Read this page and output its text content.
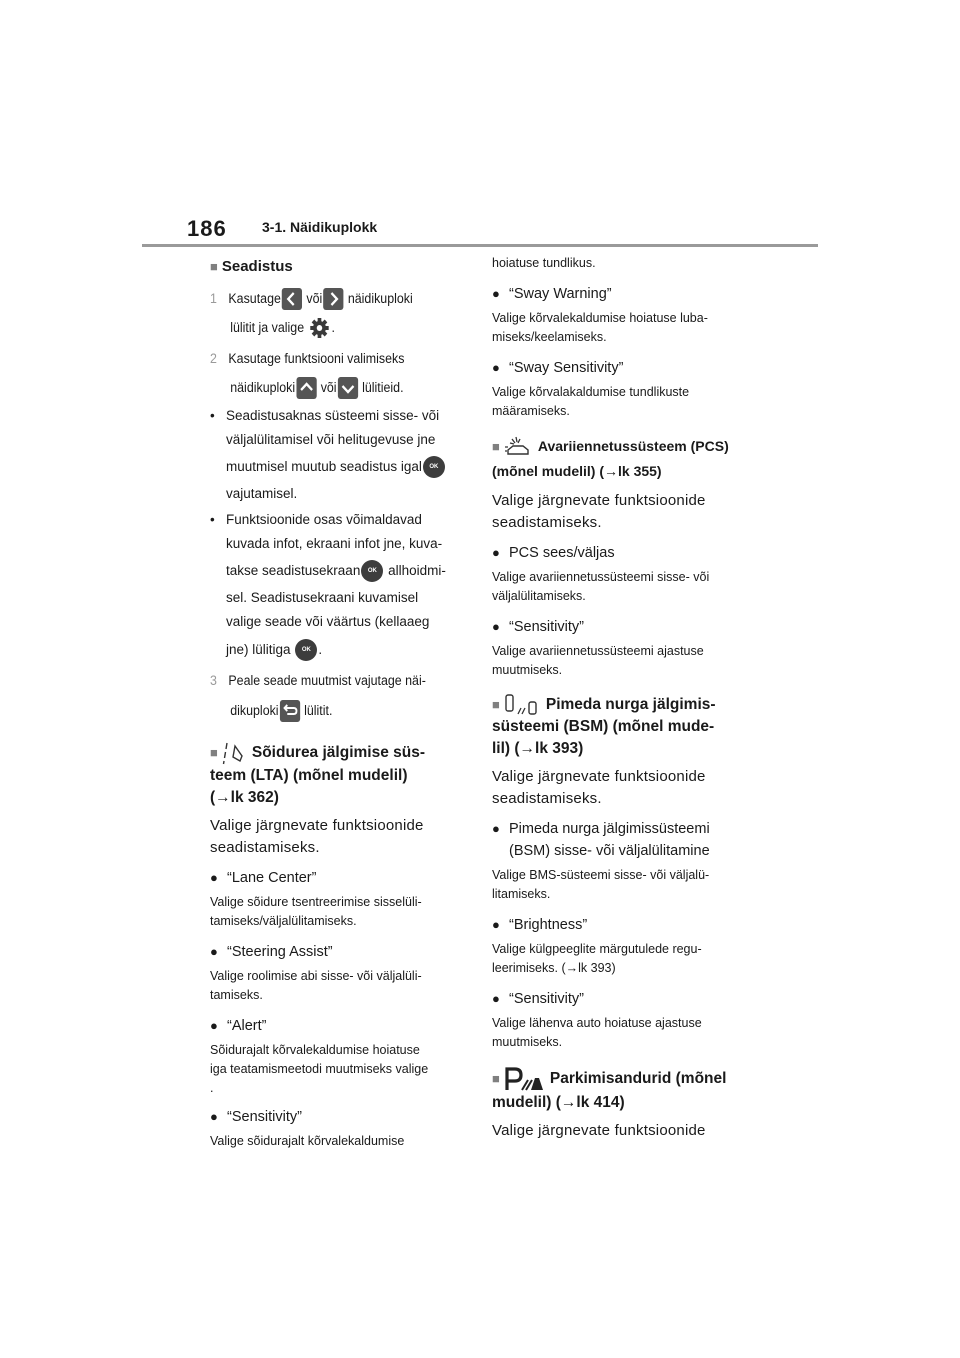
186	3-1. Näidikuplokk
■ Seadistus
1 Kasutage või näidikuploki
lülitit ja valige .
2 Kasutage funktsiooni valimiseks
näidikuploki või lülitieid.
• Seadistusaknas süsteemi sisse- või
väljalülitamisel või helitugevuse jne
muutmisel muutub seadistus igal OK
vajutamisel.
• Funktsioonide osas võimaldavad
kuvada infot, ekraani infot jne, kuva-
takse seadistusekraan OK allhoidmi-
sel. Seadistusekraani kuvamisel
valige seade või väärtus (kellaaeg
jne) lülitiga OK .
3 Peale seade muutmist vajutage näi-
dikuploki lülitit.
■ Sõidurea jälgimise süs-
teem (LTA) (mõnel mudelil)
(→lk 362)
Valige järgnevate funktsioonide
seadistamiseks.
● “Lane Center”
Valige sõidure tsentreerimise sisselüli-
tamiseks/väljalülitamiseks.
● “Steering Assist”
Valige roolimise abi sisse- või väljalüli-
tamiseks.
● “Alert”
Sõidurajalt kõrvalekaldumise hoiatuse
iga teatamismeetodi muutmiseks valige
.
● “Sensitivity”
Valige sõidurajalt kõrvalekaldumise
hoiatuse tundlikus.
● “Sway Warning”
Valige kõrvalekaldumise hoiatuse luba-
miseks/keelamiseks.
● “Sway Sensitivity”
Valige kõrvalakaldumise tundlikuste
määramiseks.
■	Avariiennetussüsteem (PCS)
(mõnel mudelil) (→lk 355)
Valige järgnevate funktsioonide
seadistamiseks.
● PCS sees/väljas
Valige avariiennetussüsteemi sisse- või
väljalülitamiseks.
● “Sensitivity”
Valige avariiennetussüsteemi ajastuse
muutmiseks.
■	Pimeda nurga jälgimis-
süsteemi (BSM) (mõnel mude-
lil) (→lk 393)
Valige järgnevate funktsioonide
seadistamiseks.
● Pimeda nurga jälgimissüsteemi
(BSM) sisse- või väljalülitamine
Valige BMS-süsteemi sisse- või väljalü-
litamiseks.
● “Brightness”
Valige külgpeeglite märgutulede regu-
leerimiseks. (→lk 393)
● “Sensitivity”
Valige lähenva auto hoiatuse ajastuse
muutmiseks.
■	Parkimisandurid (mõnel
mudelil) (→lk 414)
Valige järgnevate funktsioonide
